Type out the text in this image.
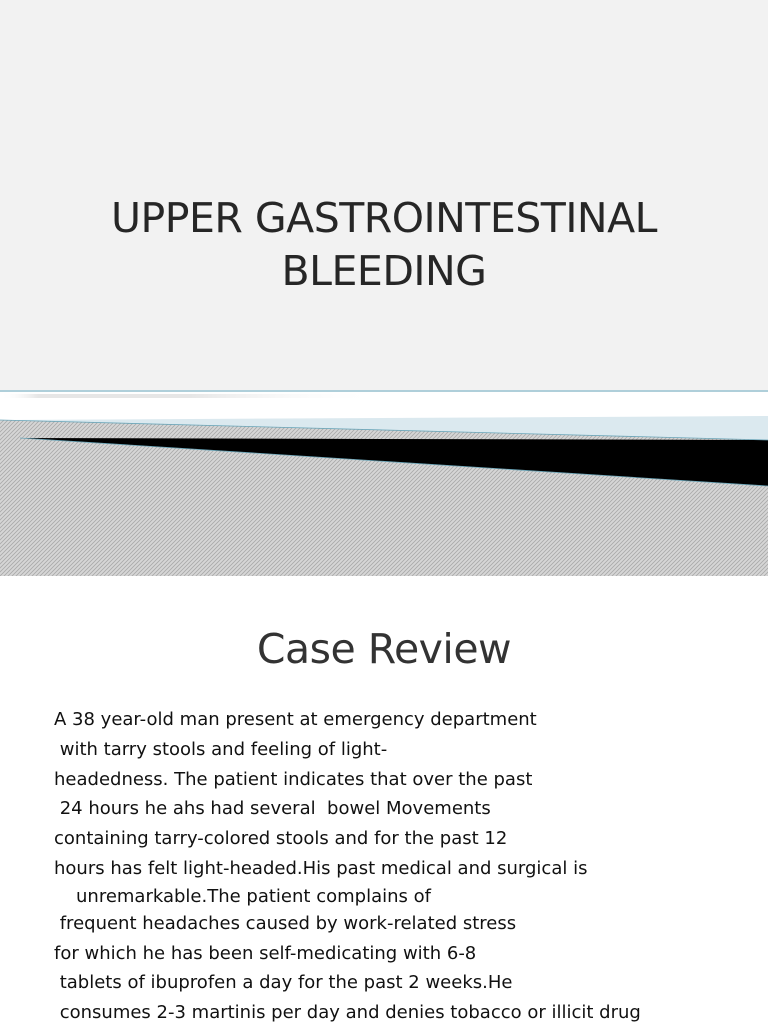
UPPER GASTROINTESTINAL
BLEEDING
Case Review
A 38 year-old man present at emergency department
with tarry stools and feeling of light-
headedness. The patient indicates that over the past
24 hours he ahs had several  bowel Movements
containing tarry-colored stools and for the past 12
hours has felt light-headed.His past medical and surgical is
unremarkable.The patient complains of
frequent headaches caused by work-related stress
for which he has been self-medicating with 6-8
tablets of ibuprofen a day for the past 2 weeks.He
consumes 2-3 martinis per day and denies tobacco or illicit drug
